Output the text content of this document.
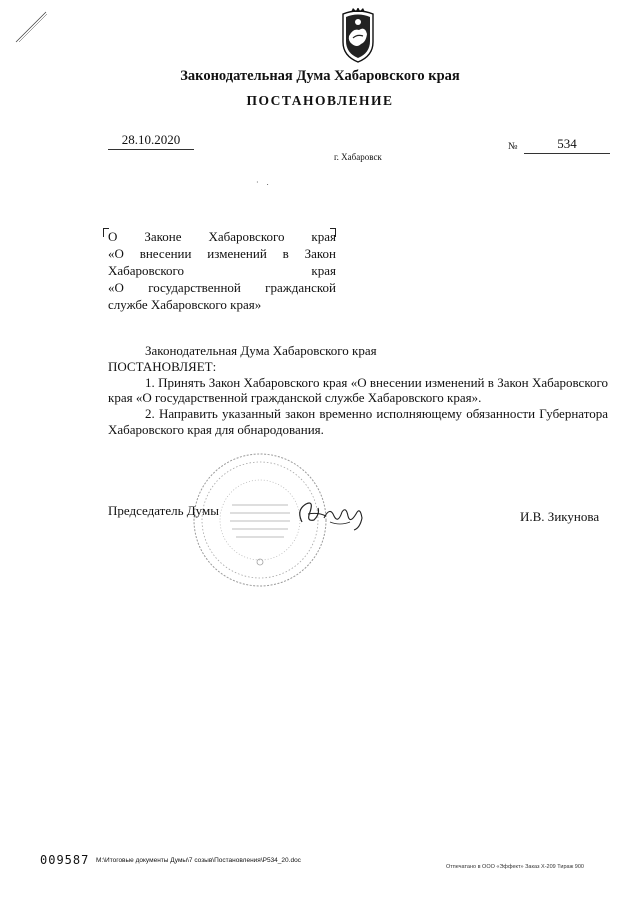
Законодательная Дума Хабаровского края
ПОСТАНОВЛЕНИЕ
28.10.2020
г. Хабаровск
№	534
· .
О Законе Хабаровского края
«О внесении изменений в Закон
Хабаровского края
«О государственной гражданской
службе Хабаровского края»
Законодательная Дума Хабаровского края
ПОСТАНОВЛЯЕТ:
1. Принять Закон Хабаровского края «О внесении изменений в Закон Хабаровского края «О государственной гражданской службе Хабаровского края».
2. Направить указанный закон временно исполняющему обязанности Губернатора Хабаровского края для обнародования.
Председатель Думы	И.В. Зикунова
009587 M:\Итоговые документы Думы\7 созыв\Постановления\P534_20.doc
Отпечатано в ООО «Эффект» Заказ X-209 Тираж 900
